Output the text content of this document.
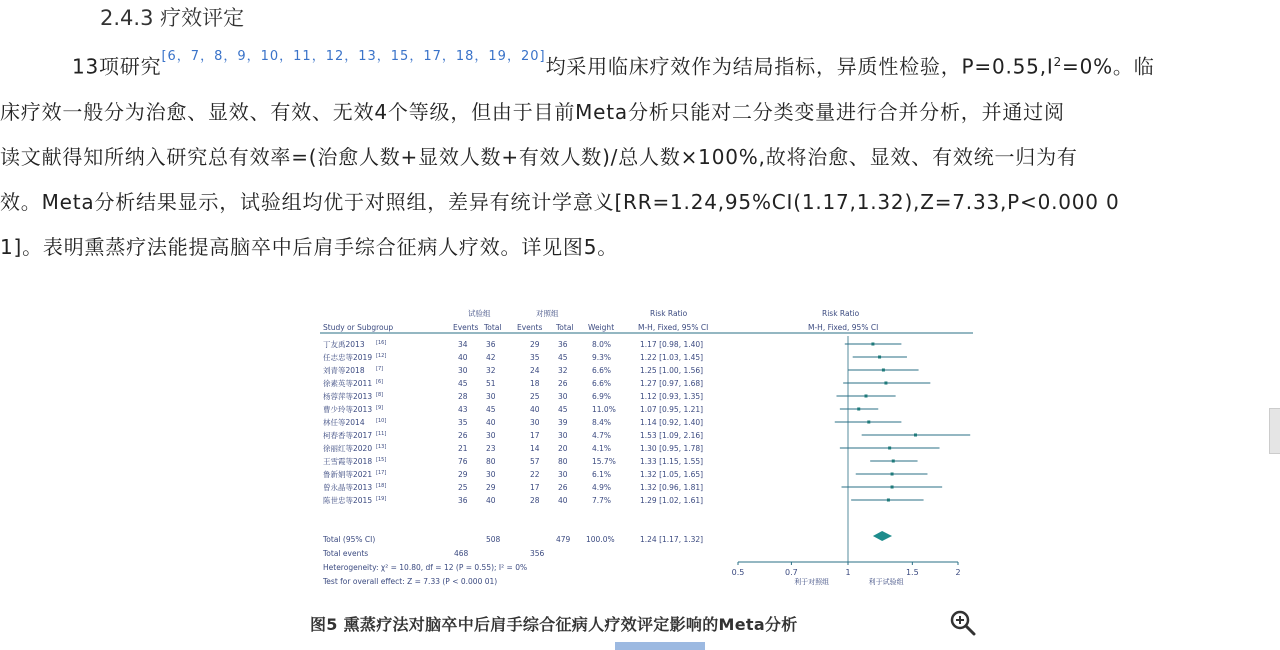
2.4.3 疗效评定

13项研究[6，7，8，9，10，11，12，13，15，17，18，19，20]均采用临床疗效作为结局指标，异质性检验，$P=0.55,I^2=0\%$。临

床疗效一般分为治愈、显效、有效、无效4个等级，但由于目前Meta分析只能对二分类变量进行合并分析，并通过阅

读文献得知所纳入研究总有效率=(治愈人数+显效人数+有效人数)/总人数×100%,故将治愈、显效、有效统一归为有

效。Meta分析结果显示，试验组均优于对照组，差异有统计学意义[RR=1.24,95%CI(1.17,1.32),Z=7.33,P<0.000 0

1]。表明熏蒸疗法能提高脑卒中后肩手综合征病人疗效。详见图5。

试验组	对照组	Risk Ratio	Risk Ratio
Study or Subgroup	Events Total Events Total Weight	M-H, Fixed, 95% CI	M-H, Fixed, 95% CI
丁友禹2013 [16]	34 36	29 36	8.0%	1.17 [0.98, 1.40]
任志忠等2019 [12]	40 42	35 45	9.3%	1.22 [1.03, 1.45]
刘青等2018 [7]	30 32	24 32	6.6%	1.25 [1.00, 1.56]
徐素英等2011 [6]	45 51	18 26	6.6%	1.27 [0.97, 1.68]
杨蓉萍等2013 [8]	28 30	25 30	6.9%	1.12 [0.93, 1.35]
曹少玲等2013 [9]	43 45	40 45	11.0%	1.07 [0.95, 1.21]
林任等2014 [10]	35 40	30 39	8.4%	1.14 [0.92, 1.40]
柯春香等2017 [11]	26 30	17 30	4.7%	1.53 [1.09, 2.16]
徐丽红等2020 [13]	21 23	14 20	4.1%	1.30 [0.95, 1.78]
王雪霞等2018 [15]	76 80	57 80	15.7%	1.33 [1.15, 1.55]
鲁新娟等2021 [17]	29 30	22 30	6.1%	1.32 [1.05, 1.65]
曾永晶等2013 [18]	25 29	17 26	4.9%	1.32 [0.96, 1.81]
陈世忠等2015 [19]	36 40	28 40	7.7%	1.29 [1.02, 1.61]
Total (95% CI)	508	479 100.0%	1.24 [1.17, 1.32]
Total events	468	356
Heterogeneity: χ² = 10.80, df = 12 (P = 0.55); I² = 0%
Test for overall effect: Z = 7.33 (P < 0.000 01)
0.5	0.7	1	1.5	2
利于对照组	利于试验组
图5 熏蒸疗法对脑卒中后肩手综合征病人疗效评定影响的Meta分析
